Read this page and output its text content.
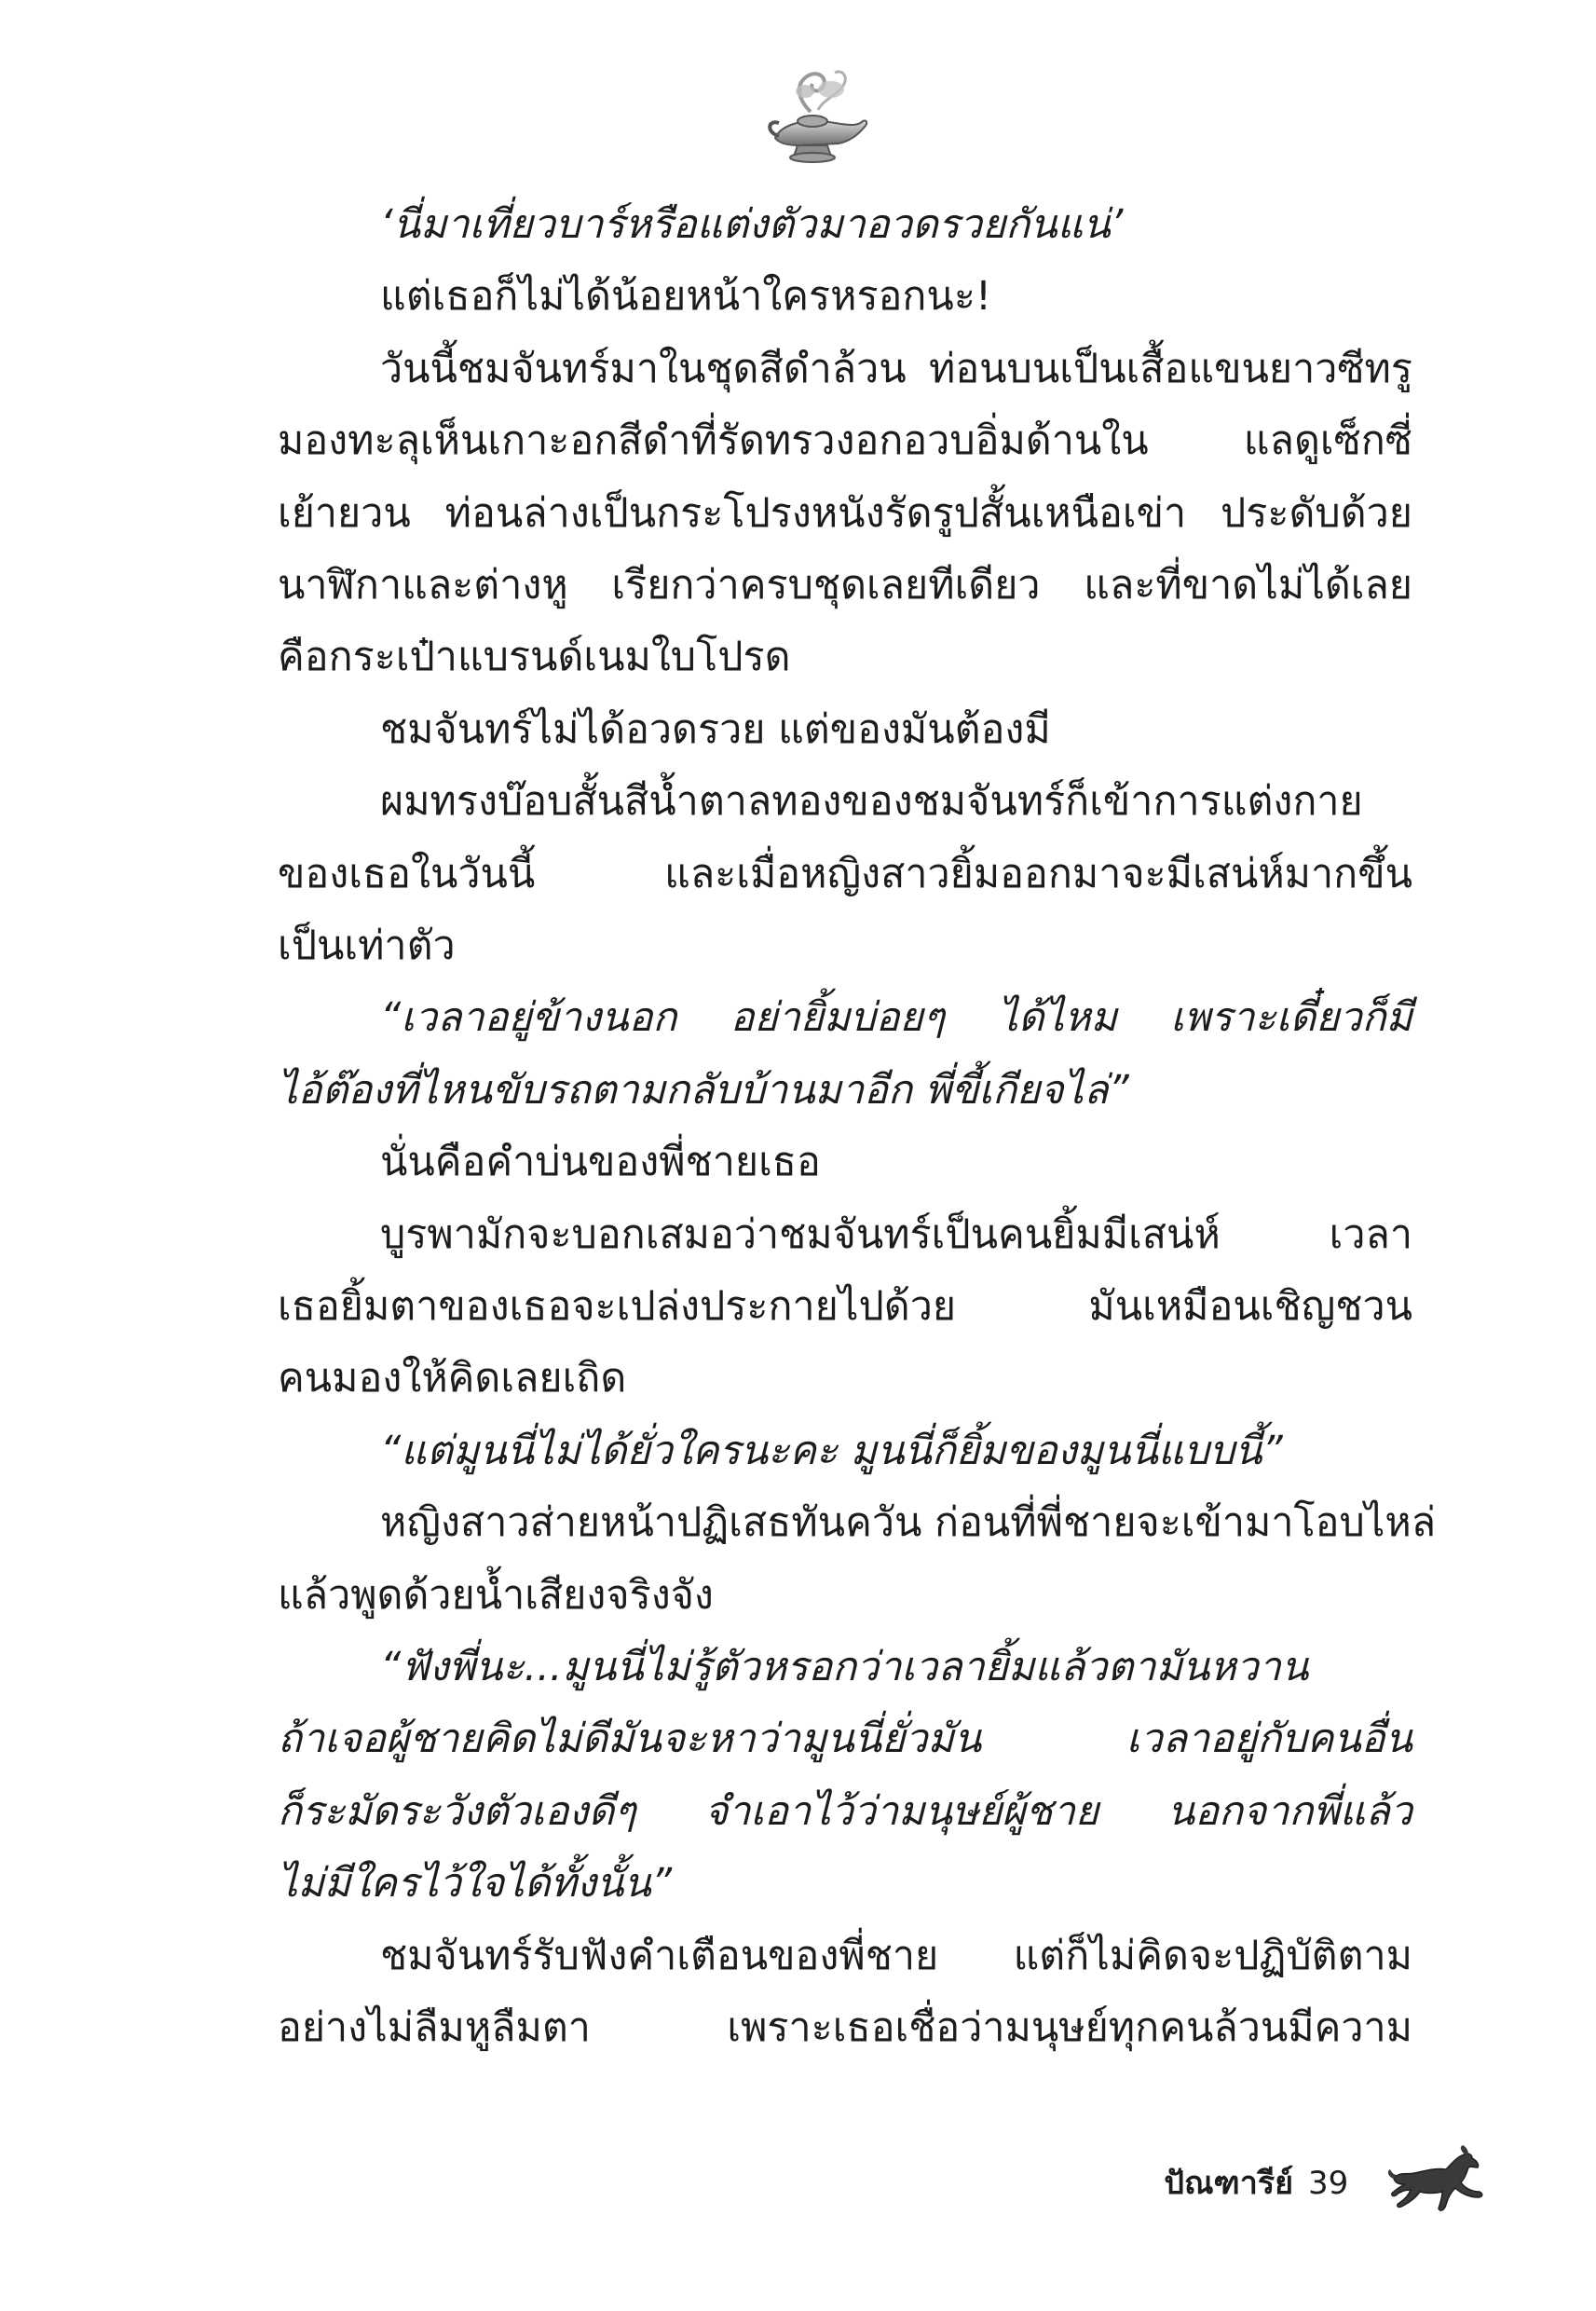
‘นี่มาเที่ยวบาร์หรือแต่งตัวมาอวดรวยกันแน่’
แต่เธอก็ไม่ได้น้อยหน้าใครหรอกนะ!
วันนี้ชมจันทร์มาในชุดสีดำล้วน ท่อนบนเป็นเสื้อแขนยาวซีทรู
มองทะลุเห็นเกาะอกสีดำที่รัดทรวงอกอวบอิ่มด้านใน แลดูเซ็กซี่
เย้ายวน ท่อนล่างเป็นกระโปรงหนังรัดรูปสั้นเหนือเข่า ประดับด้วย
นาฬิกาและต่างหู เรียกว่าครบชุดเลยทีเดียว และที่ขาดไม่ได้เลย
คือกระเป๋าแบรนด์เนมใบโปรด
ชมจันทร์ไม่ได้อวดรวย แต่ของมันต้องมี
ผมทรงบ๊อบสั้นสีน้ำตาลทองของชมจันทร์ก็เข้าการแต่งกาย
ของเธอในวันนี้ และเมื่อหญิงสาวยิ้มออกมาจะมีเสน่ห์มากขึ้น
เป็นเท่าตัว
“เวลาอยู่ข้างนอก อย่ายิ้มบ่อยๆ ได้ไหม เพราะเดี๋ยวก็มี
ไอ้ต๊องที่ไหนขับรถตามกลับบ้านมาอีก พี่ขี้เกียจไล่”
นั่นคือคำบ่นของพี่ชายเธอ
บูรพามักจะบอกเสมอว่าชมจันทร์เป็นคนยิ้มมีเสน่ห์ เวลา
เธอยิ้มตาของเธอจะเปล่งประกายไปด้วย มันเหมือนเชิญชวน
คนมองให้คิดเลยเถิด
“แต่มูนนี่ไม่ได้ยั่วใครนะคะ มูนนี่ก็ยิ้มของมูนนี่แบบนี้”
หญิงสาวส่ายหน้าปฏิเสธทันควัน ก่อนที่พี่ชายจะเข้ามาโอบไหล่
แล้วพูดด้วยน้ำเสียงจริงจัง
“ฟังพี่นะ...มูนนี่ไม่รู้ตัวหรอกว่าเวลายิ้มแล้วตามันหวาน
ถ้าเจอผู้ชายคิดไม่ดีมันจะหาว่ามูนนี่ยั่วมัน เวลาอยู่กับคนอื่น
ก็ระมัดระวังตัวเองดีๆ จำเอาไว้ว่ามนุษย์ผู้ชาย นอกจากพี่แล้ว
ไม่มีใครไว้ใจได้ทั้งนั้น”
ชมจันทร์รับฟังคำเตือนของพี่ชาย แต่ก็ไม่คิดจะปฏิบัติตาม
อย่างไม่ลืมหูลืมตา เพราะเธอเชื่อว่ามนุษย์ทุกคนล้วนมีความ
ปัณฑารีย์ 39
